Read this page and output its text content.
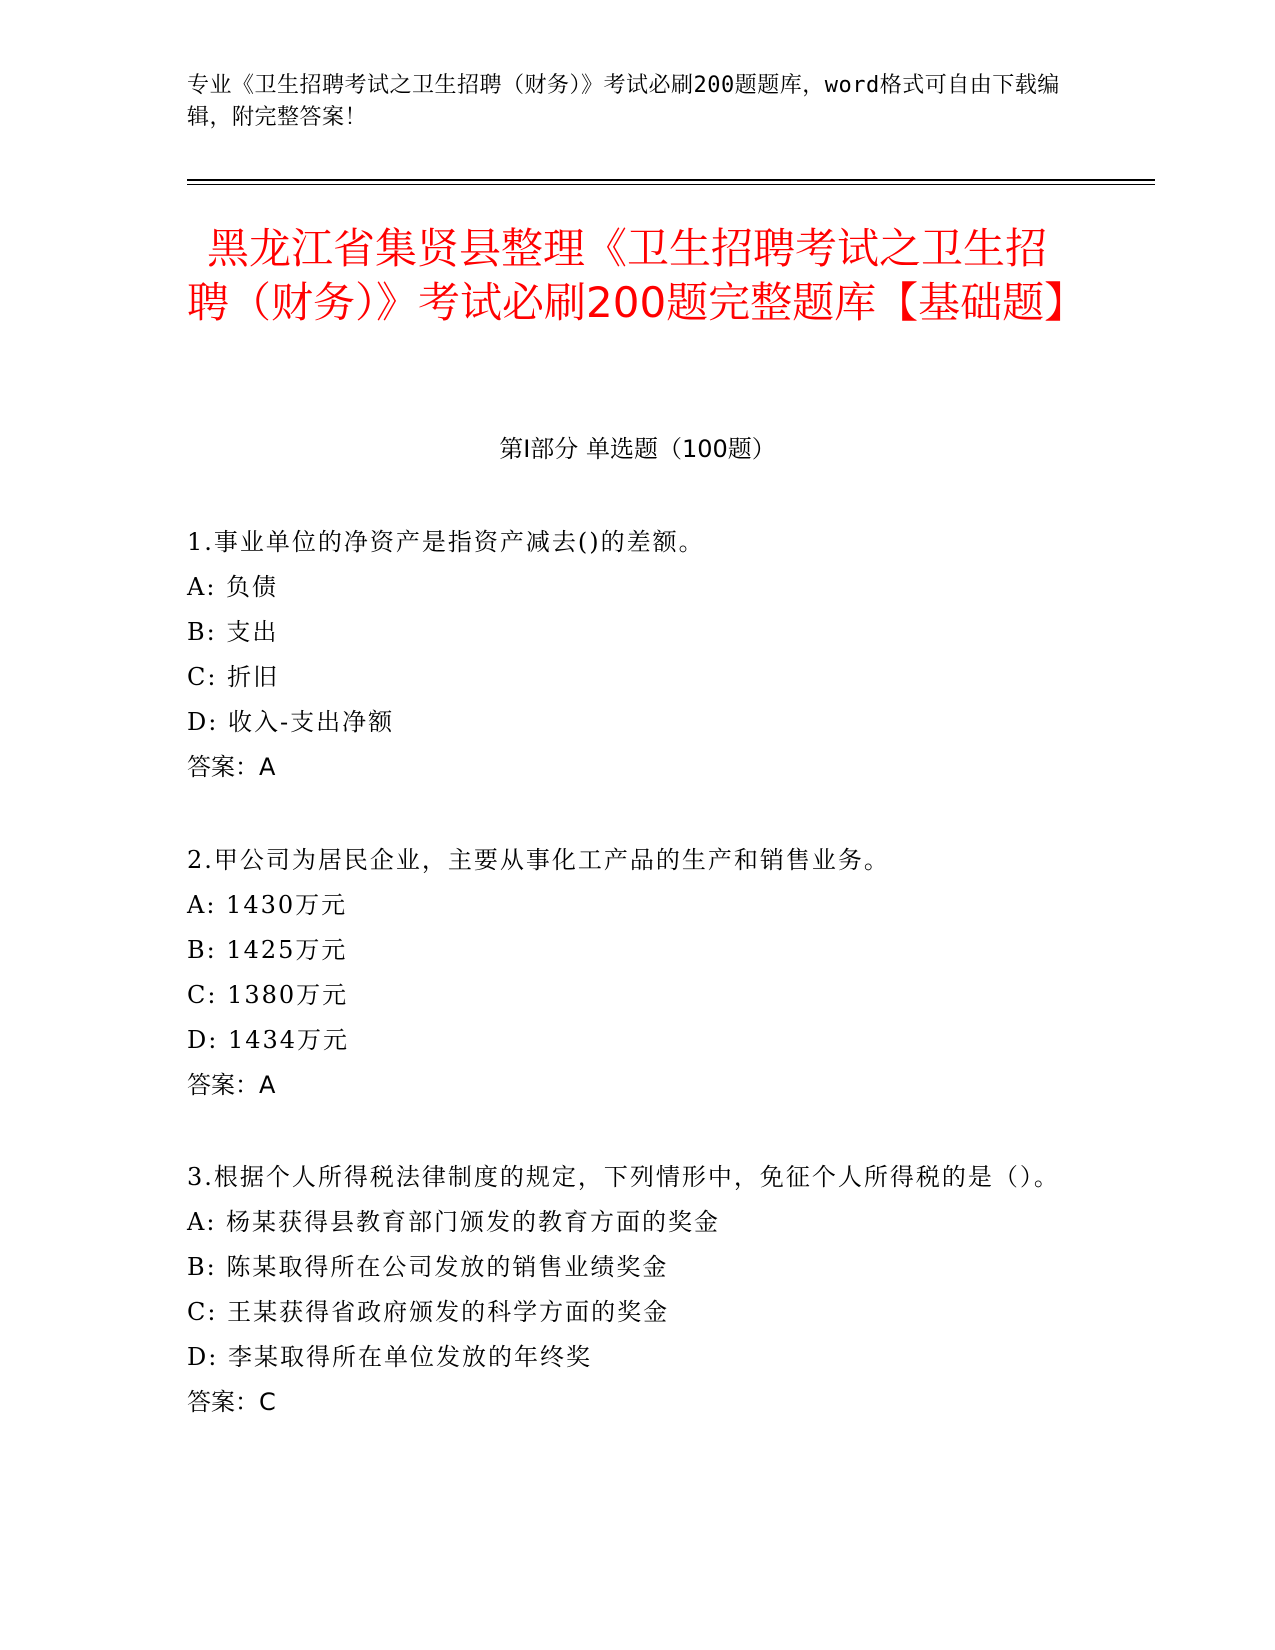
专业《卫生招聘考试之卫生招聘（财务）》考试必刷200题题库，word格式可自由下载编辑，附完整答案！
黑龙江省集贤县整理《卫生招聘考试之卫生招聘（财务）》考试必刷200题完整题库【基础题】
第Ⅰ部分 单选题（100题）
1.事业单位的净资产是指资产减去()的差额。
A: 负债
B: 支出
C: 折旧
D: 收入-支出净额
答案：A
2.甲公司为居民企业，主要从事化工产品的生产和销售业务。
A: 1430万元
B: 1425万元
C: 1380万元
D: 1434万元
答案：A
3.根据个人所得税法律制度的规定，下列情形中，免征个人所得税的是（）。
A: 杨某获得县教育部门颁发的教育方面的奖金
B: 陈某取得所在公司发放的销售业绩奖金
C: 王某获得省政府颁发的科学方面的奖金
D: 李某取得所在单位发放的年终奖
答案：C
